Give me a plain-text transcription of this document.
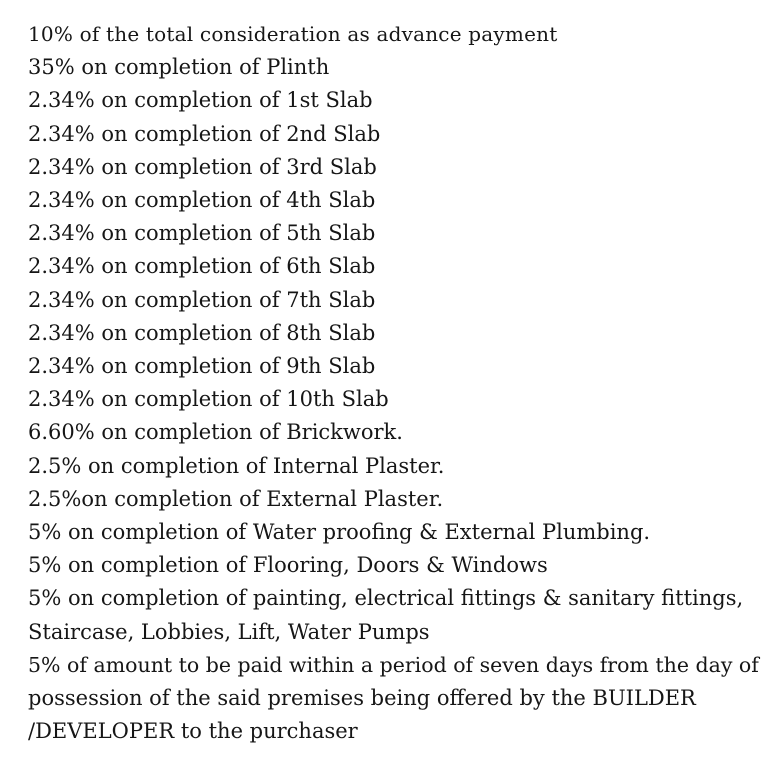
10% of the total consideration as advance payment
35% on completion of Plinth
2.34% on completion of 1st Slab
2.34% on completion of 2nd Slab
2.34% on completion of 3rd Slab
2.34% on completion of 4th Slab
2.34% on completion of 5th Slab
2.34% on completion of 6th Slab
2.34% on completion of 7th Slab
2.34% on completion of 8th Slab
2.34% on completion of 9th Slab
2.34% on completion of 10th Slab
6.60% on completion of Brickwork.
2.5% on completion of Internal Plaster.
2.5%on completion of External Plaster.
5% on completion of Water proofing & External Plumbing.
5% on completion of Flooring, Doors & Windows
5% on completion of painting, electrical fittings & sanitary fittings,
Staircase, Lobbies, Lift, Water Pumps
5% of amount to be paid within a period of seven days from the day of
possession of the said premises being offered by the BUILDER
/DEVELOPER to the purchaser
